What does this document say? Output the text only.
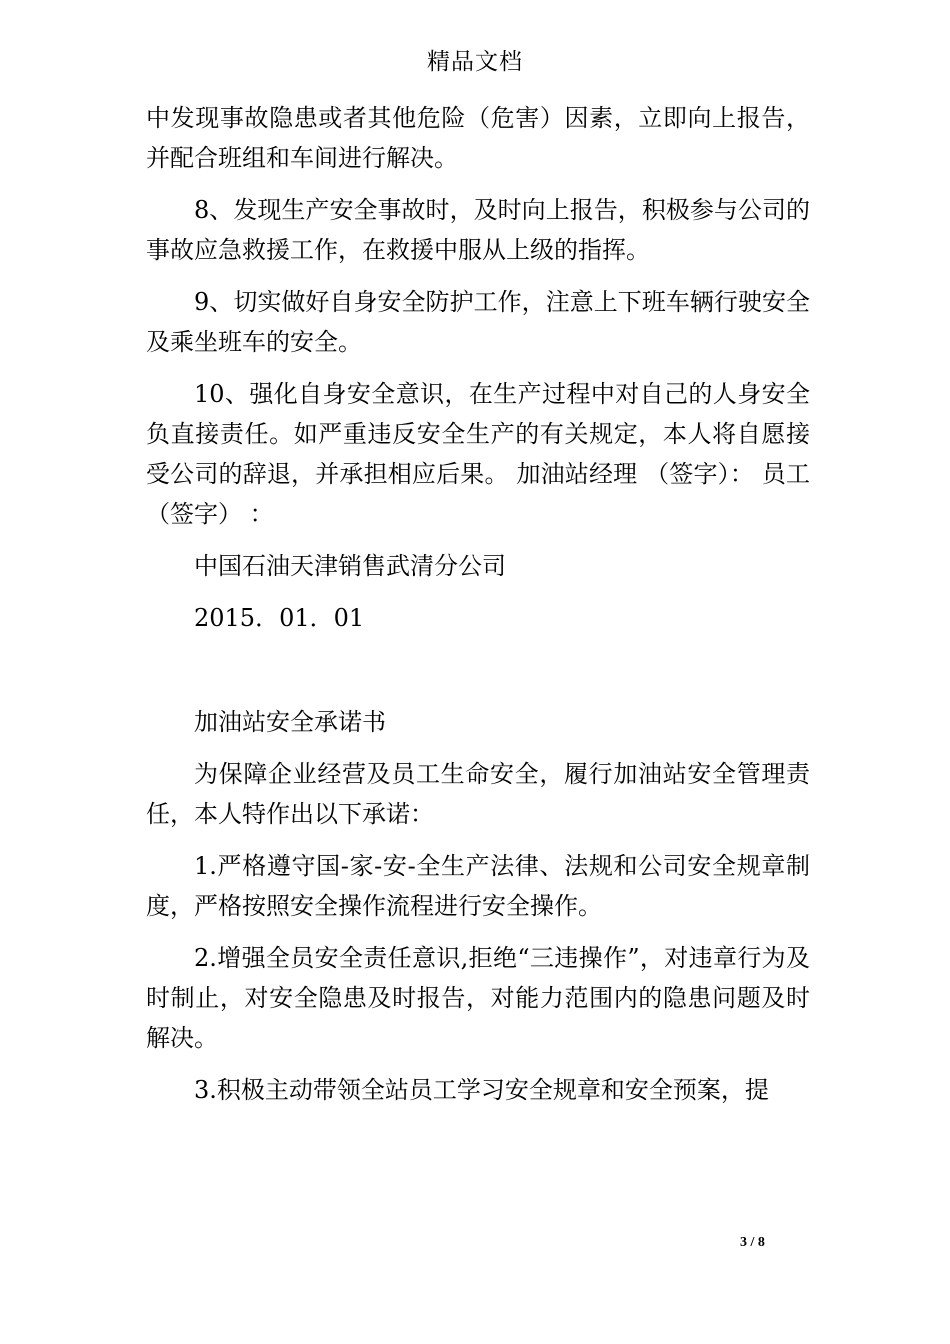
精品文档

中发现事故隐患或者其他危险（危害）因素，立即向上报告，并配合班组和车间进行解决。

8、发现生产安全事故时，及时向上报告，积极参与公司的事故应急救援工作，在救援中服从上级的指挥。

9、切实做好自身安全防护工作，注意上下班车辆行驶安全及乘坐班车的安全。

10、强化自身安全意识，在生产过程中对自己的人身安全负直接责任。如严重违反安全生产的有关规定，本人将自愿接受公司的辞退，并承担相应后果。 加油站经理 （签字）： 员工（签字） ：

中国石油天津销售武清分公司

2015．01．01

加油站安全承诺书

为保障企业经营及员工生命安全，履行加油站安全管理责任，本人特作出以下承诺：

1.严格遵守国-家-安-全生产法律、法规和公司安全规章制度，严格按照安全操作流程进行安全操作。

2.增强全员安全责任意识,拒绝“三违操作”，对违章行为及时制止，对安全隐患及时报告，对能力范围内的隐患问题及时解决。

3.积极主动带领全站员工学习安全规章和安全预案，提

3 / 8
